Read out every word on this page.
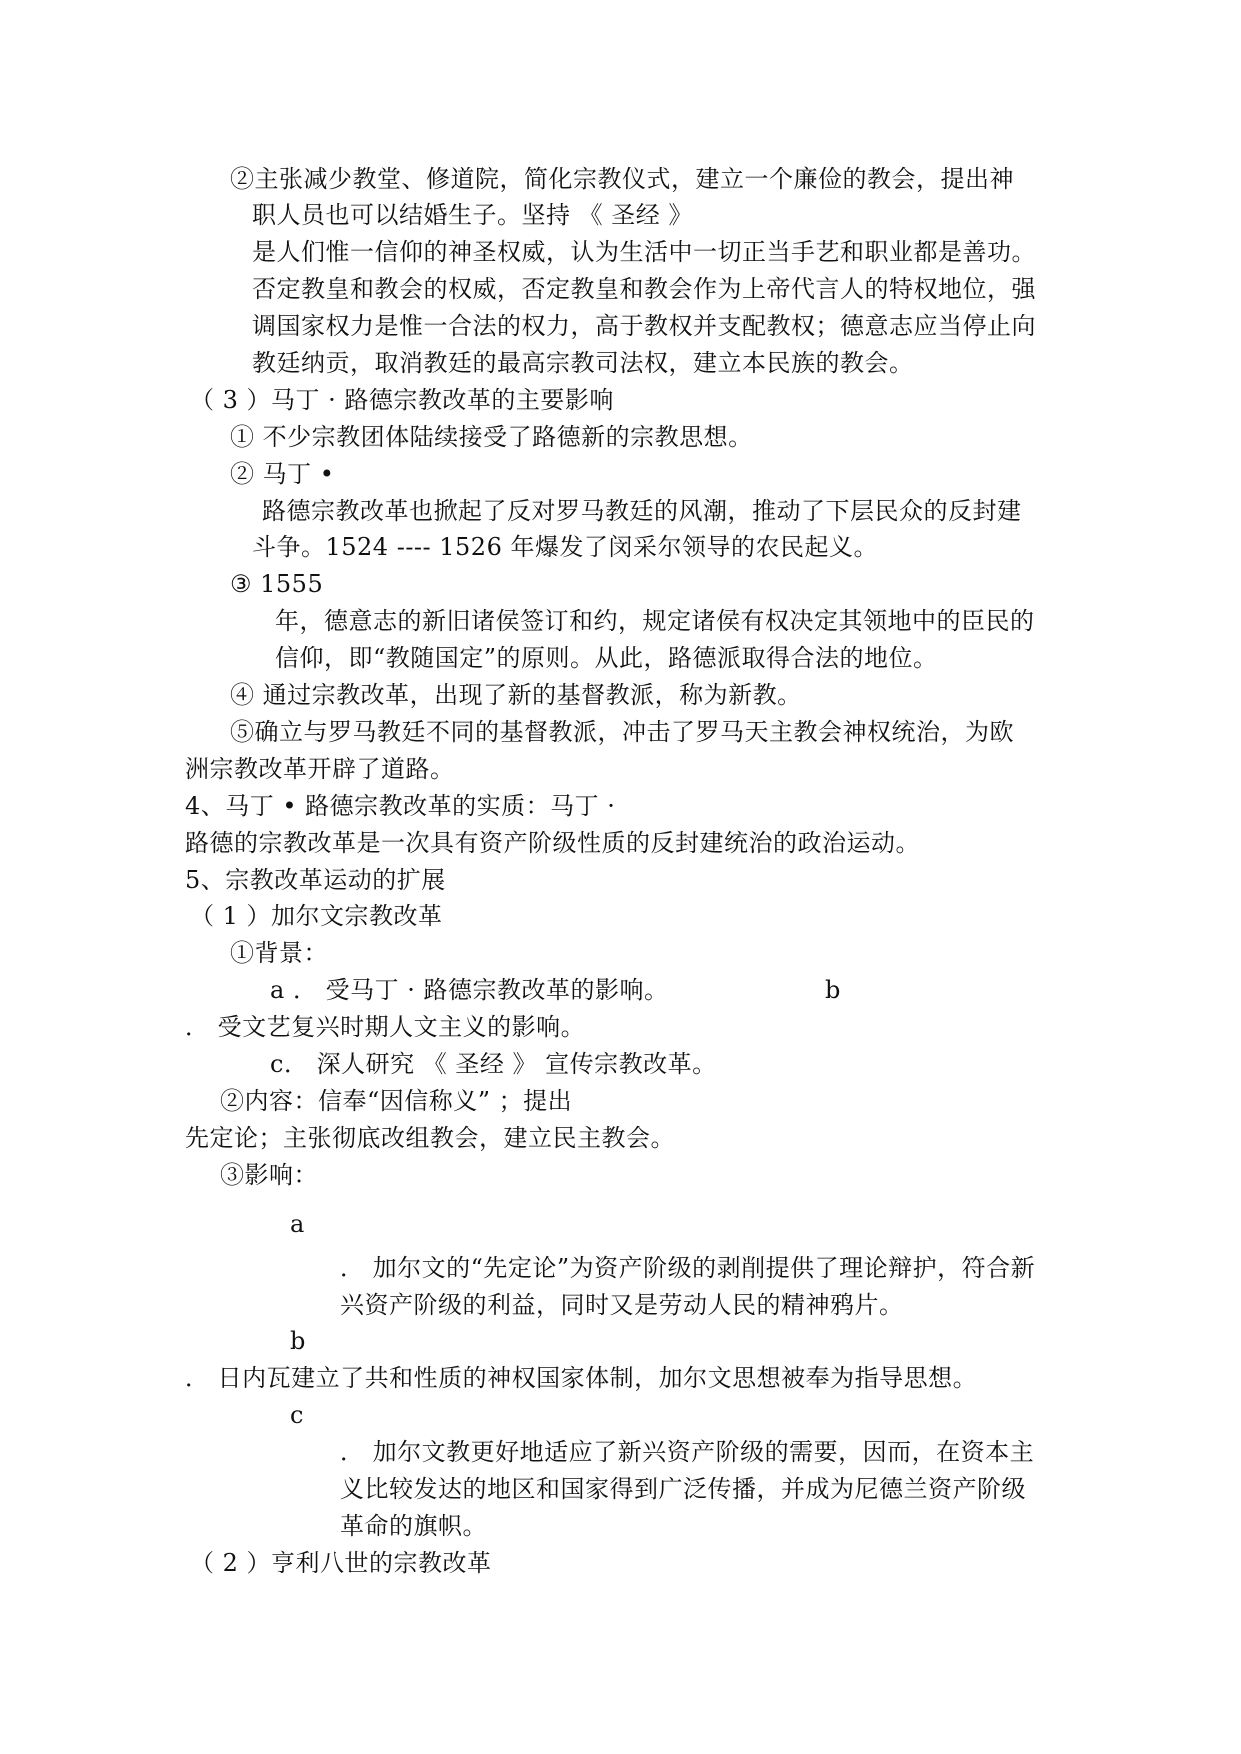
②主张减少教堂、修道院，简化宗教仪式，建立一个廉俭的教会，提出神
职人员也可以结婚生子。坚持 《 圣经 》
是人们惟一信仰的神圣权威，认为生活中一切正当手艺和职业都是善功。
否定教皇和教会的权威，否定教皇和教会作为上帝代言人的特权地位，强
调国家权力是惟一合法的权力，高于教权并支配教权；德意志应当停止向
教廷纳贡，取消教廷的最高宗教司法权，建立本民族的教会。
（ 3 ）马丁 · 路德宗教改革的主要影响
① 不少宗教团体陆续接受了路德新的宗教思想。
② 马丁 •
路德宗教改革也掀起了反对罗马教廷的风潮，推动了下层民众的反封建
斗争。1524 ---- 1526 年爆发了闵采尔领导的农民起义。
③ 1555
年，德意志的新旧诸侯签订和约，规定诸侯有权决定其领地中的臣民的
信仰，即“教随国定”的原则。从此，路德派取得合法的地位。
④ 通过宗教改革，出现了新的基督教派，称为新教。
⑤确立与罗马教廷不同的基督教派，冲击了罗马天主教会神权统治，为欧
洲宗教改革开辟了道路。
4、马丁 • 路德宗教改革的实质：马丁 ·
路德的宗教改革是一次具有资产阶级性质的反封建统治的政治运动。
5、宗教改革运动的扩展
（ 1 ）加尔文宗教改革
①背景：
a ． 受马丁 · 路德宗教改革的影响。	b
． 受文艺复兴时期人文主义的影响。
c． 深人研究 《 圣经 》 宣传宗教改革。
②内容：信奉“因信称义” ；提出
先定论；主张彻底改组教会，建立民主教会。
③影响：
a
． 加尔文的“先定论”为资产阶级的剥削提供了理论辩护，符合新
兴资产阶级的利益，同时又是劳动人民的精神鸦片。
b
． 日内瓦建立了共和性质的神权国家体制，加尔文思想被奉为指导思想。
c
． 加尔文教更好地适应了新兴资产阶级的需要，因而，在资本主
义比较发达的地区和国家得到广泛传播，并成为尼德兰资产阶级
革命的旗帜。
（ 2 ）亨利八世的宗教改革
